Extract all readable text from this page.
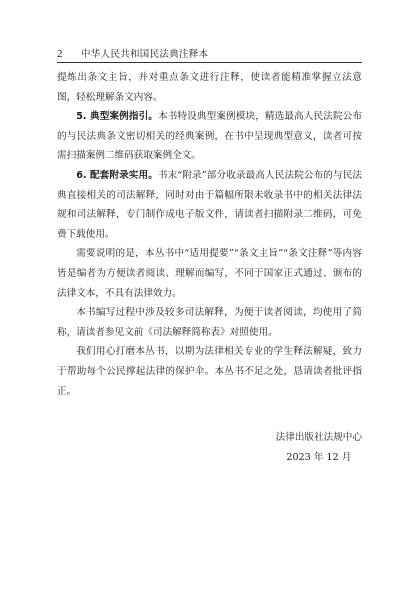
2	中华人民共和国民法典注释本

提炼出条文主旨，并对重点条文进行注释，使读者能精准掌握立法意图，轻松理解条文内容。

5. 典型案例指引。本书特设典型案例模块，精选最高人民法院公布的与民法典条文密切相关的经典案例，在书中呈现典型意义，读者可按需扫描案例二维码获取案例全文。

6. 配套附录实用。书末“附录”部分收录最高人民法院公布的与民法典直接相关的司法解释，同时对由于篇幅所限未收录书中的相关法律法规和司法解释，专门制作成电子版文件，请读者扫描附录二维码，可免费下载使用。

需要说明的是，本丛书中“适用提要”“条文主旨”“条文注释”等内容皆是编者为方便读者阅读、理解而编写，不同于国家正式通过、颁布的法律文本，不具有法律效力。

本书编写过程中涉及较多司法解释，为便于读者阅读，均使用了简称，请读者参见文前《司法解释简称表》对照使用。

我们用心打磨本丛书，以期为法律相关专业的学生释法解疑，致力于帮助每个公民撑起法律的保护伞。本丛书不足之处，恳请读者批评指正。

法律出版社法规中心
2023 年 12 月
